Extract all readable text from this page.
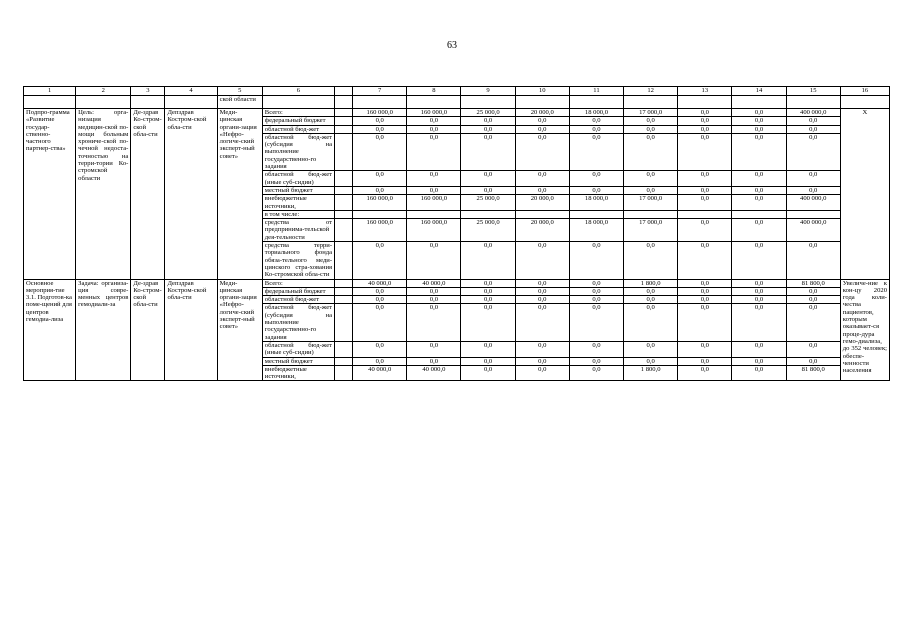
63
1	2	3	4	5	6		7	8	9	10	11	12	13	14	15	16
				ской области												
Подпро-грамма «Развитие государ-ственно-частного партнер-ства»	Цель: орга-низация медицин-ской по-мощи больным хрониче-ской по-чечной недоста-точностью на терри-тории Ко-стромской области	Де-здрав Ко-стром-ской обла-сти	Депздрав Костром-ской обла-сти	Меди-цинская органи-зация «Нефро-логиче-ский эксперт-ный совет»	Всего:		160 000,0	160 000,0	25 000,0	20 000,0	18 000,0	17 000,0	0,0	0,0	400 000,0	Х
					федеральный бюджет		0,0	0,0	0,0	0,0	0,0	0,0	0,0	0,0	0,0	
					областной бюд-жет		0,0	0,0	0,0	0,0	0,0	0,0	0,0	0,0	0,0	
					областной бюд-жет (субсидия на выполнение государственно-го задания		0,0	0,0	0,0	0,0	0,0	0,0	0,0	0,0	0,0	
					областной бюд-жет (иные суб-сидии)		0,0	0,0	0,0	0,0	0,0	0,0	0,0	0,0	0,0	
					местный бюджет		0,0	0,0	0,0	0,0	0,0	0,0	0,0	0,0	0,0	
					внебюджетные источники,		160 000,0	160 000,0	25 000,0	20 000,0	18 000,0	17 000,0	0,0	0,0	400 000,0	
					в том числе:											
					средства от предпринима-тельской дея-тельности		160 000,0	160 000,0	25 000,0	20 000,0	18 000,0	17 000,0	0,0	0,0	400 000,0	
					средства терри-ториального фонда обяза-тельного меди-цинского стра-хования Ко-стромской обла-сти		0,0	0,0	0,0	0,0	0,0	0,0	0,0	0,0	0,0	
Основное мероприя-тие 3.1. Подготов-ка поме-щений для центров гемодиа-лиза	Задача: организа-ция совре-менных центров гемодиали-за	Де-здрав Ко-стром-ской обла-сти	Депздрав Костром-ской обла-сти	Меди-цинская органи-зация «Нефро-логиче-ский эксперт-ный совет»	Всего:		40 000,0	40 000,0	0,0	0,0	0,0	1 800,0	0,0	0,0	81 800,0	Увеличе-ние к кон-цу 2020 года коли-чества пациентов, которым оказывает-ся проце-дура гемо-диализа, до 352 человек; обеспе-ченности населения
					федеральный бюджет		0,0	0,0	0,0	0,0	0,0	0,0	0,0	0,0	0,0	
					областной бюд-жет		0,0	0,0	0,0	0,0	0,0	0,0	0,0	0,0	0,0	
					областной бюд-жет (субсидия на выполнение государственно-го задания		0,0	0,0	0,0	0,0	0,0	0,0	0,0	0,0	0,0	
					областной бюд-жет (иные суб-сидии)		0,0	0,0	0,0	0,0	0,0	0,0	0,0	0,0	0,0	
					местный бюджет		0,0	0,0	0,0	0,0	0,0	0,0	0,0	0,0	0,0	
					внебюджетные источники,		40 000,0	40 000,0	0,0	0,0	0,0	1 800,0	0,0	0,0	81 800,0	
